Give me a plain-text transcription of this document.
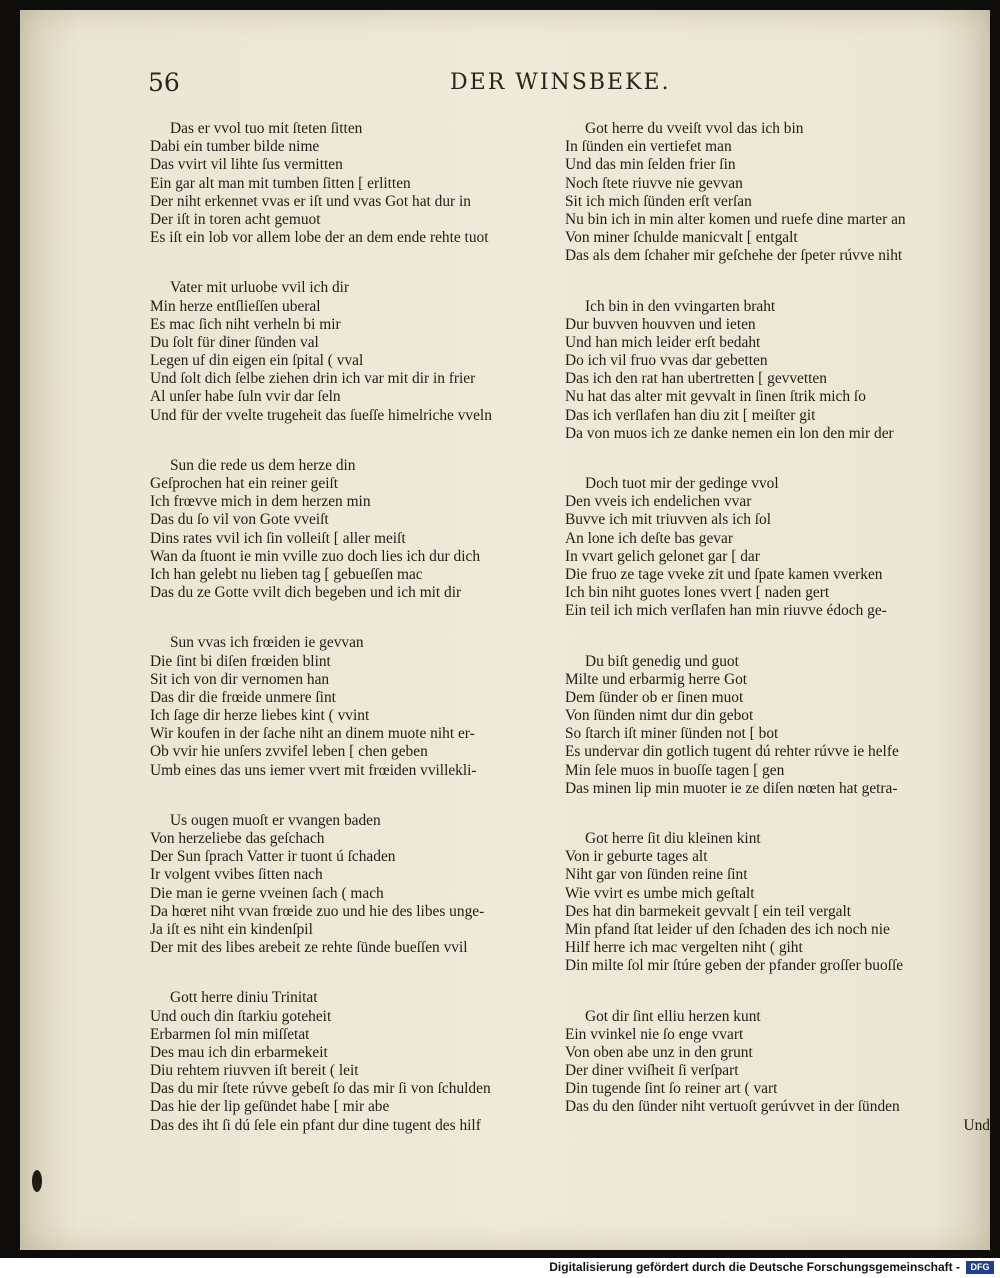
56	DER WINSBEKE.
Das er vvol tuo mit ſteten ſitten
Dabi ein tumber bilde nime
Das vvirt vil lihte ſus vermitten
Ein gar alt man mit tumben ſitten [ erlitten
Der niht erkennet vvas er iſt und vvas Got hat dur in
Der iſt in toren acht gemuot
Es iſt ein lob vor allem lobe der an dem ende rehte tuot
Vater mit urluobe vvil ich dir
Min herze entſlieſſen uberal
Es mac ſich niht verheln bi mir
Du ſolt für diner ſünden val
Legen uf din eigen ein ſpital ( vval
Und ſolt dich ſelbe ziehen drin ich var mit dir in frier
Al unſer habe ſuln vvir dar ſeln
Und für der vvelte trugeheit das ſueſſe himelriche vveln
Sun die rede us dem herze din
Geſprochen hat ein reiner geiſt
Ich frœvve mich in dem herzen min
Das du ſo vil von Gote vveiſt
Dins rates vvil ich ſin volleiſt [ aller meiſt
Wan da ſtuont ie min vville zuo doch lies ich dur dich
Ich han gelebt nu lieben tag [ gebueſſen mac
Das du ze Gotte vvilt dich begeben und ich mit dir
Sun vvas ich frœiden ie gevvan
Die ſint bi diſen frœiden blint
Sit ich von dir vernomen han
Das dir die frœide unmere ſint
Ich ſage dir herze liebes kint ( vvint
Wir koufen in der ſache niht an dinem muote niht er-
Ob vvir hie unſers zvvifel leben [ chen geben
Umb eines das uns iemer vvert mit frœiden vvillekli-
Us ougen muoſt er vvangen baden
Von herzeliebe das geſchach
Der Sun ſprach Vatter ir tuont ú ſchaden
Ir volgent vvibes ſitten nach
Die man ie gerne vveinen ſach ( mach
Da hœret niht vvan frœide zuo und hie des libes unge-
Ja iſt es niht ein kindenſpil
Der mit des libes arebeit ze rehte ſünde bueſſen vvil
Gott herre diniu Trinitat
Und ouch din ſtarkiu goteheit
Erbarmen ſol min miſſetat
Des mau ich din erbarmekeit
Diu rehtem riuvven iſt bereit ( leit
Das du mir ſtete rúvve gebeſt ſo das mir ſi von ſchulden
Das hie der lip geſündet habe [ mir abe
Das des iht ſi dú ſele ein pfant dur dine tugent des hilf
Got herre du vveiſt vvol das ich bin
In ſünden ein vertiefet man
Und das min ſelden frier ſin
Noch ſtete riuvve nie gevvan
Sit ich mich ſünden erſt verſan
Nu bin ich in min alter komen und ruefe dine marter an
Von miner ſchulde manicvalt [ entgalt
Das als dem ſchaher mir geſchehe der ſpeter rúvve niht
Ich bin in den vvingarten braht
Dur buvven houvven und ieten
Und han mich leider erſt bedaht
Do ich vil fruo vvas dar gebetten
Das ich den rat han ubertretten [ gevvetten
Nu hat das alter mit gevvalt in ſinen ſtrik mich ſo
Das ich verſlafen han diu zit [ meiſter git
Da von muos ich ze danke nemen ein lon den mir der
Doch tuot mir der gedinge vvol
Den vveis ich endelichen vvar
Buvve ich mit triuvven als ich ſol
An lone ich deſte bas gevar
In vvart gelich gelonet gar [ dar
Die fruo ze tage vveke zit und ſpate kamen vverken
Ich bin niht guotes lones vvert [ naden gert
Ein teil ich mich verſlafen han min riuvve édoch ge-
Du biſt genedig und guot
Milte und erbarmig herre Got
Dem ſünder ob er ſinen muot
Von ſünden nimt dur din gebot
So ſtarch iſt miner ſünden not [ bot
Es undervar din gotlich tugent dú rehter rúvve ie helfe
Min ſele muos in buoſſe tagen [ gen
Das minen lip min muoter ie ze diſen nœten hat getra-
Got herre ſit diu kleinen kint
Von ir geburte tages alt
Niht gar von ſünden reine ſint
Wie vvirt es umbe mich geſtalt
Des hat din barmekeit gevvalt [ ein teil vergalt
Min pfand ſtat leider uf den ſchaden des ich noch nie
Hilf herre ich mac vergelten niht ( giht
Din milte ſol mir ſtúre geben der pfander groſſer buoſſe
Got dir ſint elliu herzen kunt
Ein vvinkel nie ſo enge vvart
Von oben abe unz in den grunt
Der diner vviſheit ſi verſpart
Din tugende ſint ſo reiner art ( vart
Das du den ſünder niht vertuoſt gerúvvet in der ſünden
Und
Digitalisierung gefördert durch die Deutsche Forschungsgemeinschaft -	DFG
